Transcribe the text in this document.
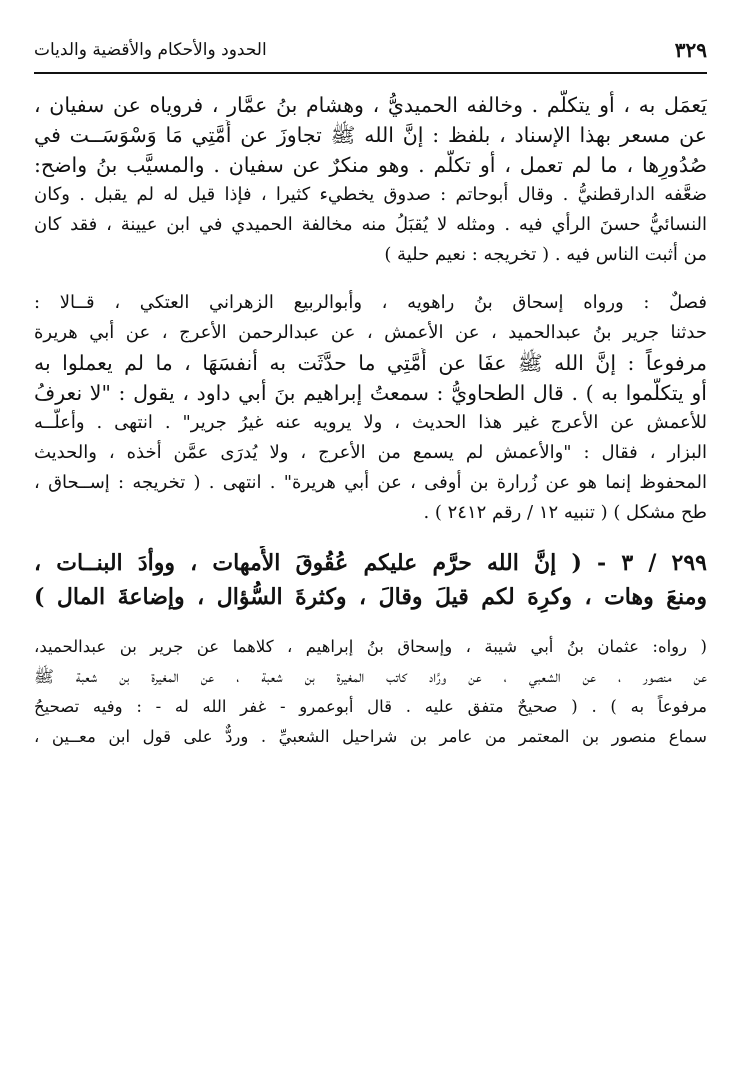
٣٢٩
الحدود والأحكام والأقضية والديات
يَعمَل به ، أو يتكلَّم . وخالفه الحميديُّ ، وهشام بنُ عمَّار ، فروياه عن سفيان ،
عن مسعر بهذا الإسناد ، بلفظ : إنَّ الله ﷺ تجاوزَ عن أُمَّتِي مَا وَسْوَسَــت في
صُدُورِها ، ما لم تعمل ، أو تكلَّم . وهو منكرٌ عن سفيان . والمسيَّب بنُ واضح:
ضعَّفه الدارقطنيُّ . وقال أبوحاتم : صدوق يخطيء كثيرا ، فإذا قيل له لم يقبل . وكان
النسائيُّ حسنَ الرأي فيه . ومثله لا يُقبَلُ منه مخالفة الحميدي في ابن عيينة ، فقد كان
من أثبت الناس فيه . ( تخريجه : نعيم حلية )
فصلٌ : ورواه إسحاق بنُ راهويه ، وأبوالربيع الزهراني العتكي ، قــالا :
حدثنا جرير بنُ عبدالحميد ، عن الأعمش ، عن عبدالرحمن الأعرج ، عن أبي هريرة
مرفوعاً : إنَّ الله ﷺ عفَا عن أُمَّتِي ما حدَّثَت به أنفسَهَا ، ما لم يعملوا به
أو يتكلَّموا به ) . قال الطحاويُّ : سمعتُ إبراهيم بنَ أبي داود ، يقول : "لا نعرفُ
للأعمش عن الأعرج غير هذا الحديث ، ولا يرويه عنه غيرُ جرير" . انتهى . وأعلَّــه
البزار ، فقال : "والأعمش لم يسمع من الأعرج ، ولا يُدرَى عمَّن أخذه ، والحديث
المحفوظ إنما هو عن زُرارة بن أوفى ، عن أبي هريرة" . انتهى . ( تخريجه : إســحاق ،
طح مشكل ) ( تنبيه ١٢ / رقم ٢٤١٢ ) .
٢٩٩ / ٣ - ( إنَّ الله حرَّم عليكم عُقُوقَ الأُمهات ، ووأدَ البنــات ،
ومنعَ وهات ، وكرِهَ لكم قيلَ وقالَ ، وكثرةَ السُّؤال ، وإضاعةَ المال )
( رواه: عثمان بنُ أبي شيبة ، وإسحاق بنُ إبراهيم ، كلاهما عن جرير بن عبدالحميد،
عن منصور ، عن الشعبي ، عن ورَّاد كاتب المغيرة بن شعبة ، عن المغيرة بن شعبة ﷺ
مرفوعاً به ) . ( صحيحٌ متفق عليه . قال أبوعمرو - غفر الله له - : وفيه تصحيحُ
سماع منصور بن المعتمر من عامر بن شراحيل الشعبيِّ . وردٌّ على قول ابن معــين ،
